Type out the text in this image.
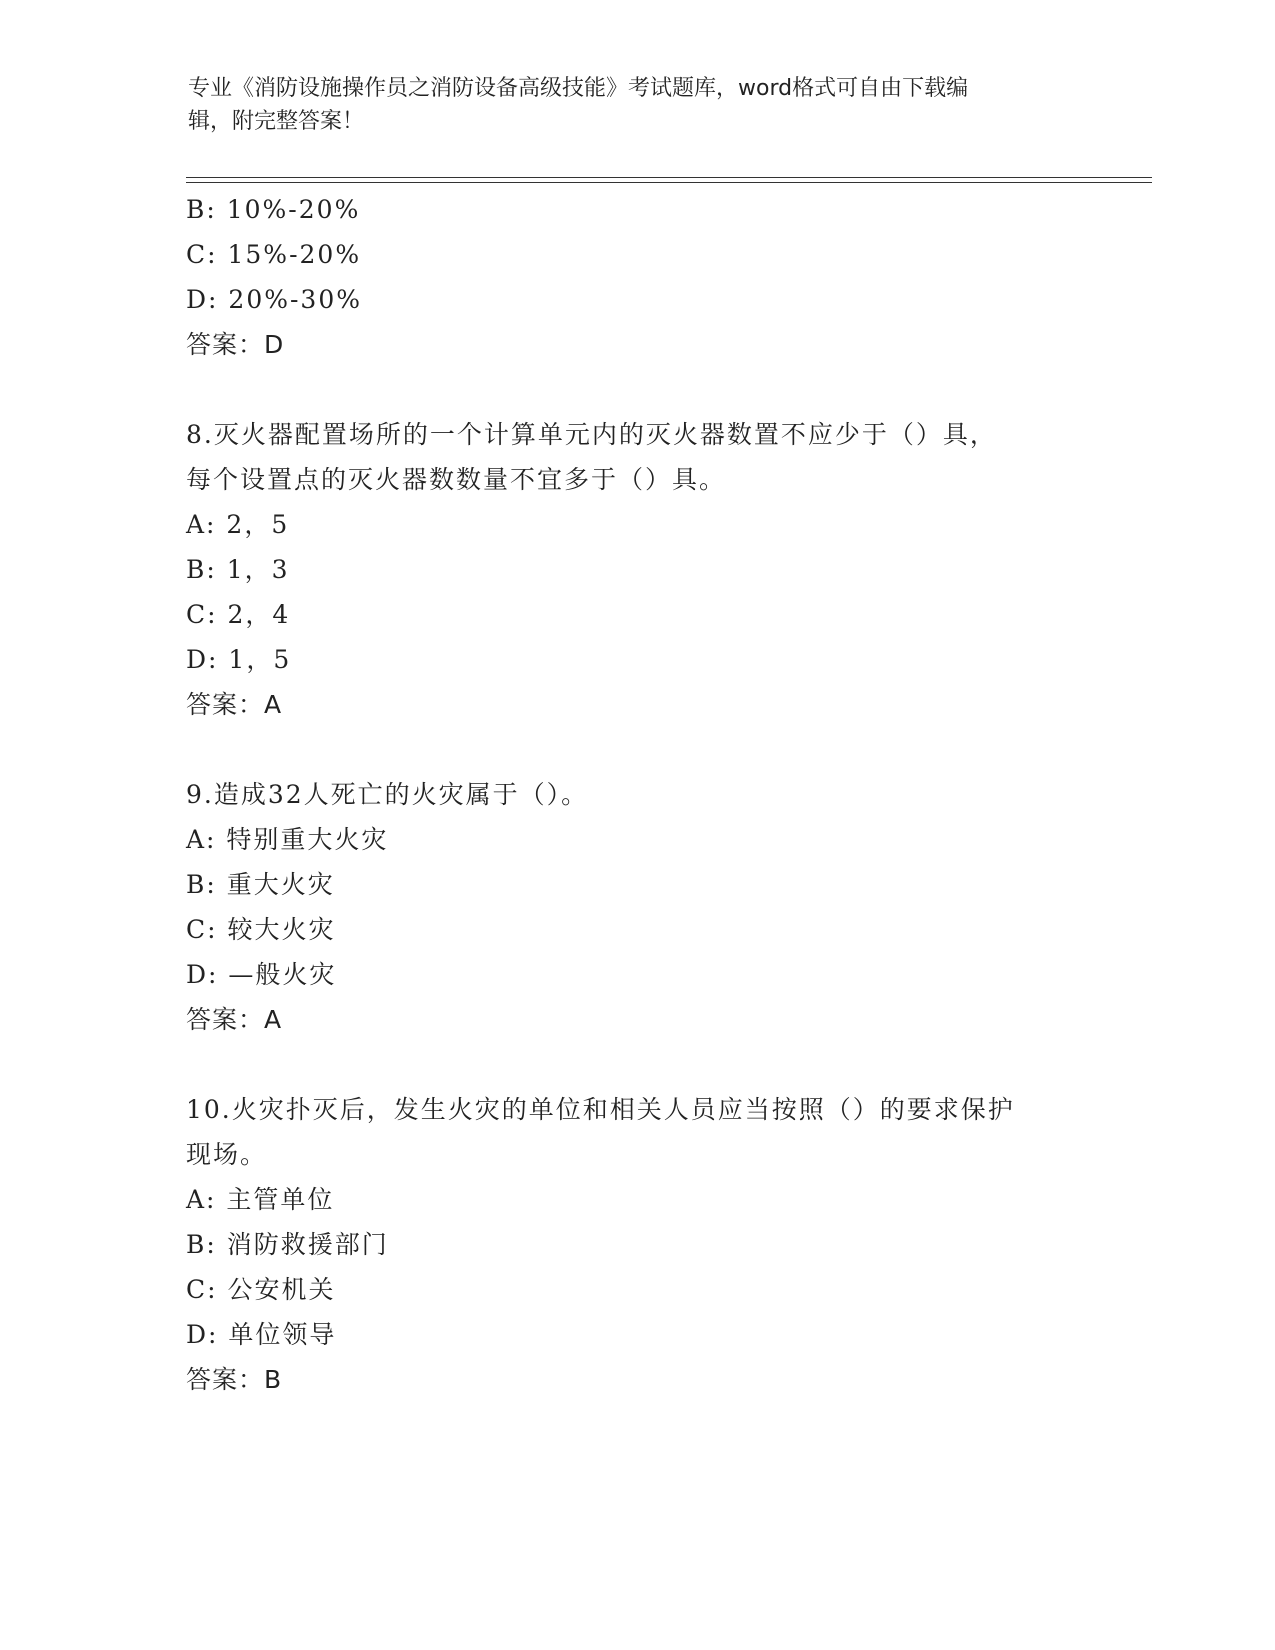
专业《消防设施操作员之消防设备高级技能》考试题库，word格式可自由下载编
辑，附完整答案！
B: 10%-20%
C: 15%-20%
D: 20%-30%
答案：D
8.灭火器配置场所的一个计算单元内的灭火器数置不应少于（）具，
每个设置点的灭火器数数量不宜多于（）具。
A: 2，5
B: 1，3
C: 2，4
D: 1，5
答案：A
9.造成32人死亡的火灾属于（）。
A: 特别重大火灾
B: 重大火灾
C: 较大火灾
D: —般火灾
答案：A
10.火灾扑灭后，发生火灾的单位和相关人员应当按照（）的要求保护
现场。
A: 主管单位
B: 消防救援部门
C: 公安机关
D: 单位领导
答案：B
